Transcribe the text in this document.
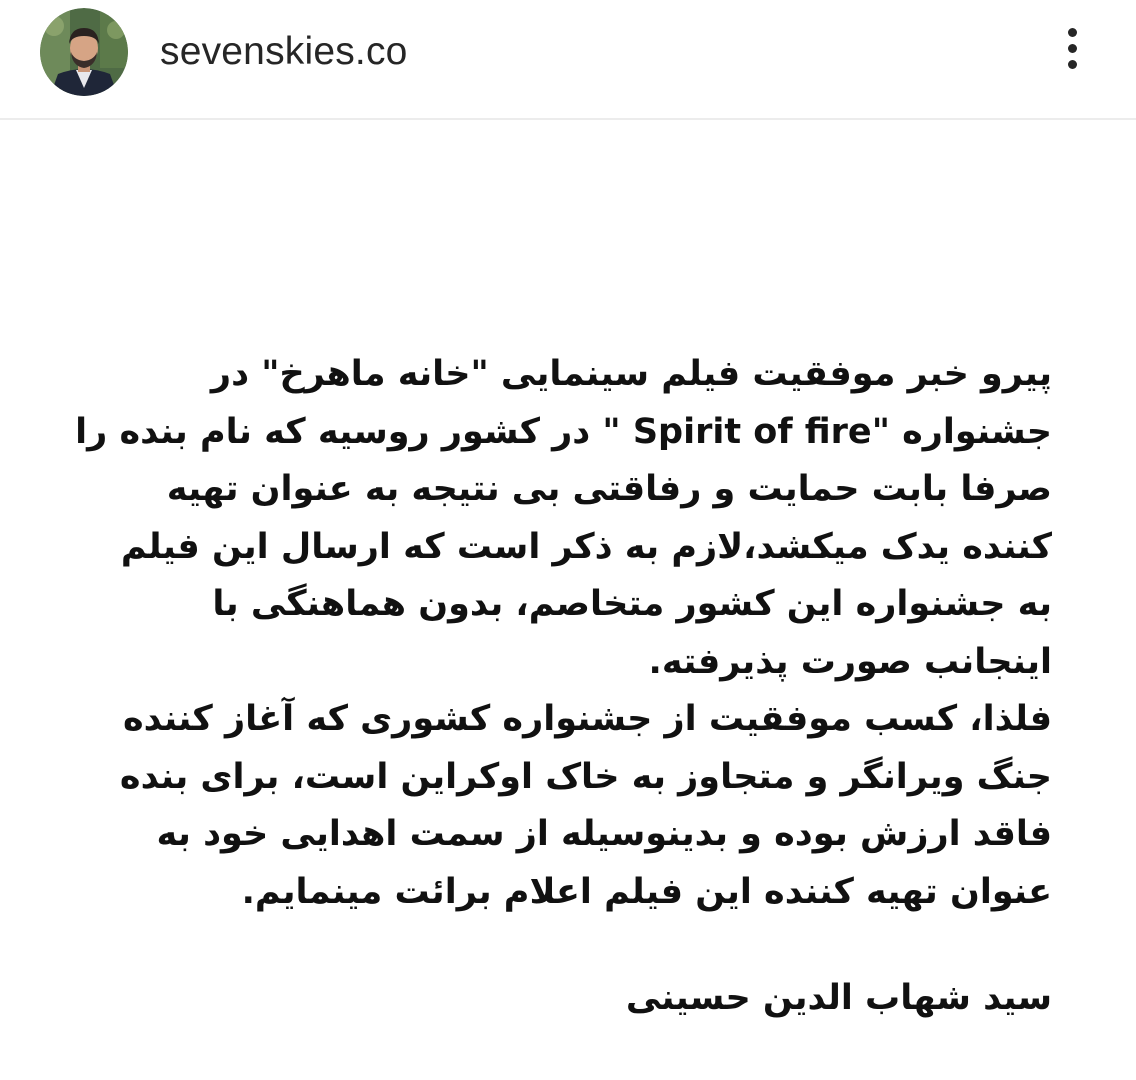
sevenskies.co
پیرو خبر موفقیت فیلم سینمایی "خانه ماهرخ" در
جشنواره "Spirit of fire " در کشور روسیه که نام بنده را
صرفا بابت حمایت و رفاقتی بی نتیجه به عنوان تهیه
کننده یدک میکشد،لازم به ذکر است که ارسال این فیلم
به جشنواره این کشور متخاصم، بدون هماهنگی با
اینجانب صورت پذیرفته.
فلذا، کسب موفقیت از جشنواره کشوری که آغاز کننده
جنگ ویرانگر و متجاوز به خاک اوکراین است، برای بنده
فاقد ارزش بوده و بدینوسیله از سمت اهدایی خود به
عنوان تهیه کننده این فیلم اعلام برائت مینمایم.
سید شهاب الدین حسینی
